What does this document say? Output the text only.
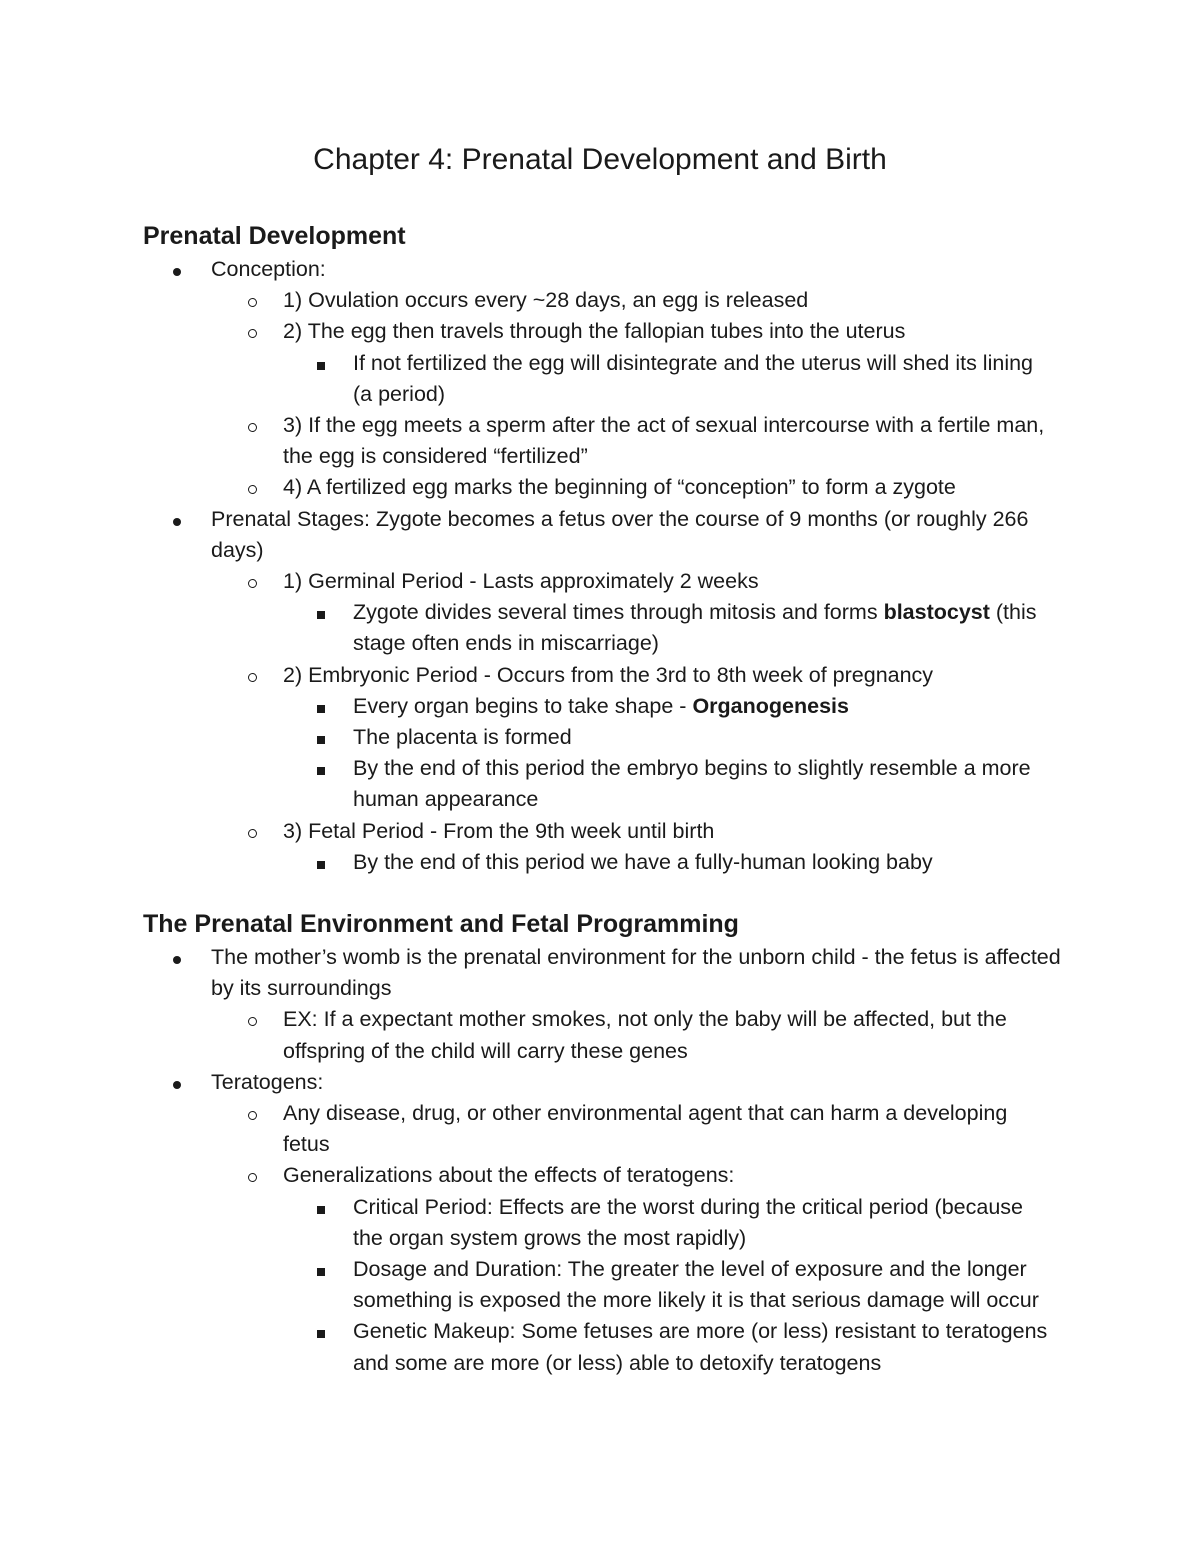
Chapter 4: Prenatal Development and Birth
Prenatal Development
Conception:
1) Ovulation occurs every ~28 days, an egg is released
2) The egg then travels through the fallopian tubes into the uterus
If not fertilized the egg will disintegrate and the uterus will shed its lining (a period)
3) If the egg meets a sperm after the act of sexual intercourse with a fertile man, the egg is considered “fertilized”
4) A fertilized egg marks the beginning of “conception” to form a zygote
Prenatal Stages: Zygote becomes a fetus over the course of 9 months (or roughly 266 days)
1) Germinal Period - Lasts approximately 2 weeks
Zygote divides several times through mitosis and forms blastocyst (this stage often ends in miscarriage)
2) Embryonic Period - Occurs from the 3rd to 8th week of pregnancy
Every organ begins to take shape - Organogenesis
The placenta is formed
By the end of this period the embryo begins to slightly resemble a more human appearance
3) Fetal Period - From the 9th week until birth
By the end of this period we have a fully-human looking baby
The Prenatal Environment and Fetal Programming
The mother’s womb is the prenatal environment for the unborn child - the fetus is affected by its surroundings
EX: If a expectant mother smokes, not only the baby will be affected, but the offspring of the child will carry these genes
Teratogens:
Any disease, drug, or other environmental agent that can harm a developing fetus
Generalizations about the effects of teratogens:
Critical Period: Effects are the worst during the critical period (because the organ system grows the most rapidly)
Dosage and Duration: The greater the level of exposure and the longer something is exposed the more likely it is that serious damage will occur
Genetic Makeup: Some fetuses are more (or less) resistant to teratogens and some are more (or less) able to detoxify teratogens
